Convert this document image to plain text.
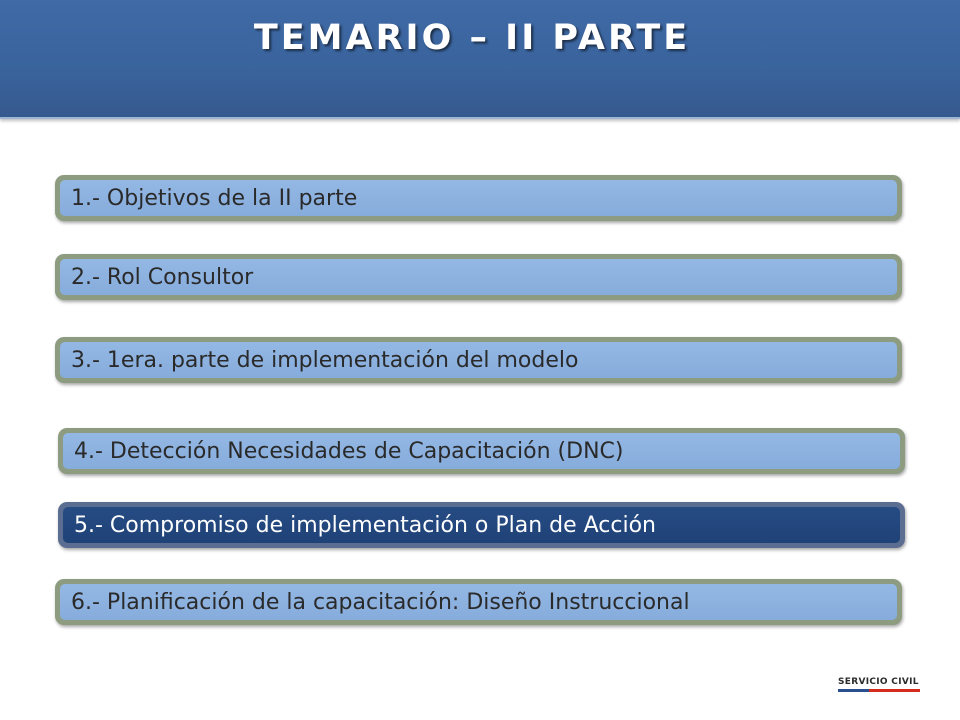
TEMARIO – II PARTE
1.- Objetivos de la II parte
2.- Rol Consultor
3.- 1era. parte de implementación del modelo
4.- Detección Necesidades de Capacitación (DNC)
5.- Compromiso de implementación o Plan de Acción
6.- Planificación de la capacitación: Diseño Instruccional
SERVICIO CIVIL
